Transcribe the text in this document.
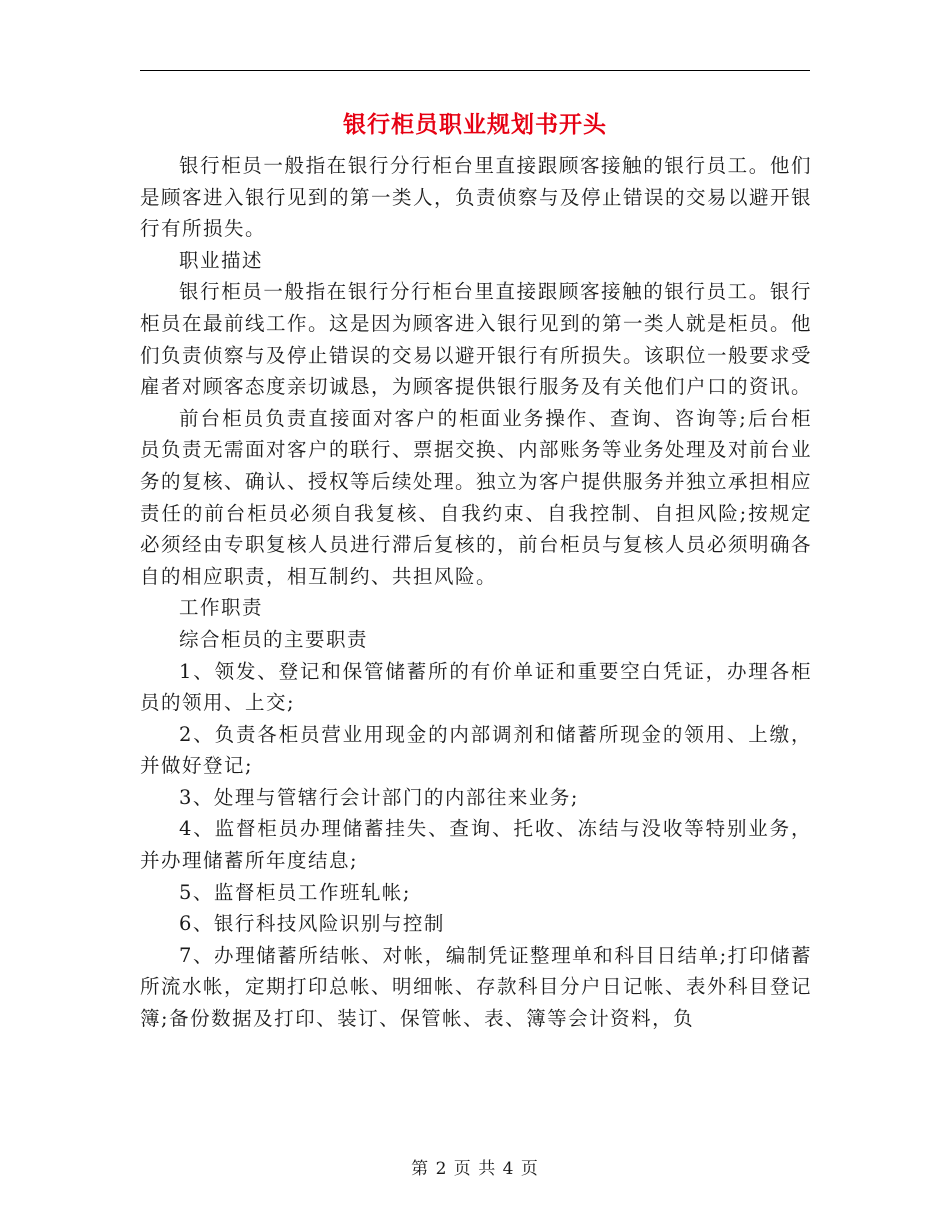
银行柜员职业规划书开头

银行柜员一般指在银行分行柜台里直接跟顾客接触的银行员工。他们是顾客进入银行见到的第一类人，负责侦察与及停止错误的交易以避开银行有所损失。

职业描述

银行柜员一般指在银行分行柜台里直接跟顾客接触的银行员工。银行柜员在最前线工作。这是因为顾客进入银行见到的第一类人就是柜员。他们负责侦察与及停止错误的交易以避开银行有所损失。该职位一般要求受雇者对顾客态度亲切诚恳，为顾客提供银行服务及有关他们户口的资讯。

前台柜员负责直接面对客户的柜面业务操作、查询、咨询等;后台柜员负责无需面对客户的联行、票据交换、内部账务等业务处理及对前台业务的复核、确认、授权等后续处理。独立为客户提供服务并独立承担相应责任的前台柜员必须自我复核、自我约束、自我控制、自担风险;按规定必须经由专职复核人员进行滞后复核的，前台柜员与复核人员必须明确各自的相应职责，相互制约、共担风险。

工作职责

综合柜员的主要职责

1、领发、登记和保管储蓄所的有价单证和重要空白凭证，办理各柜员的领用、上交;

2、负责各柜员营业用现金的内部调剂和储蓄所现金的领用、上缴，并做好登记;

3、处理与管辖行会计部门的内部往来业务;

4、监督柜员办理储蓄挂失、查询、托收、冻结与没收等特别业务，并办理储蓄所年度结息;

5、监督柜员工作班轧帐;

6、银行科技风险识别与控制

7、办理储蓄所结帐、对帐，编制凭证整理单和科目日结单;打印储蓄所流水帐，定期打印总帐、明细帐、存款科目分户日记帐、表外科目登记簿;备份数据及打印、装订、保管帐、表、簿等会计资料，负

第 2 页 共 4 页
